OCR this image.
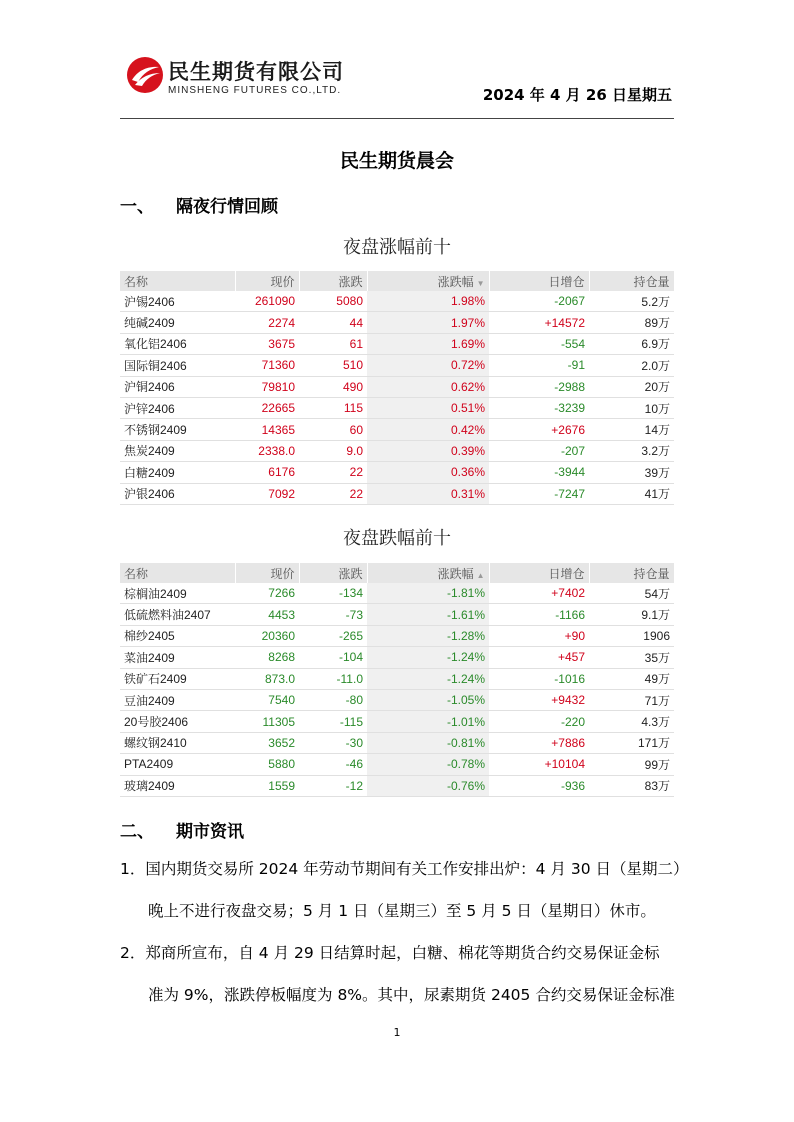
民生期货有限公司
MINSHENG FUTURES CO.,LTD.	2024 年 4 月 26 日星期五
民生期货晨会
一、 隔夜行情回顾
夜盘涨幅前十
名称	现价	涨跌	涨跌幅 ▼	日增仓	持仓量
沪锡2406	261090	5080	1.98%	-2067	5.2万
纯碱2409	2274	44	1.97%	+14572	89万
氧化铝2406	3675	61	1.69%	-554	6.9万
国际铜2406	71360	510	0.72%	-91	2.0万
沪铜2406	79810	490	0.62%	-2988	20万
沪锌2406	22665	115	0.51%	-3239	10万
不锈钢2409	14365	60	0.42%	+2676	14万
焦炭2409	2338.0	9.0	0.39%	-207	3.2万
白糖2409	6176	22	0.36%	-3944	39万
沪银2406	7092	22	0.31%	-7247	41万
夜盘跌幅前十
名称	现价	涨跌	涨跌幅 ▲	日增仓	持仓量
棕榈油2409	7266	-134	-1.81%	+7402	54万
低硫燃料油2407	4453	-73	-1.61%	-1166	9.1万
棉纱2405	20360	-265	-1.28%	+90	1906
菜油2409	8268	-104	-1.24%	+457	35万
铁矿石2409	873.0	-11.0	-1.24%	-1016	49万
豆油2409	7540	-80	-1.05%	+9432	71万
20号胶2406	11305	-115	-1.01%	-220	4.3万
螺纹钢2410	3652	-30	-0.81%	+7886	171万
PTA2409	5880	-46	-0.78%	+10104	99万
玻璃2409	1559	-12	-0.76%	-936	83万
二、 期市资讯
1．国内期货交易所 2024 年劳动节期间有关工作安排出炉：4 月 30 日（星期二）
晚上不进行夜盘交易；5 月 1 日（星期三）至 5 月 5 日（星期日）休市。
2．郑商所宣布，自 4 月 29 日结算时起，白糖、棉花等期货合约交易保证金标
准为 9%，涨跌停板幅度为 8%。其中，尿素期货 2405 合约交易保证金标准
1
